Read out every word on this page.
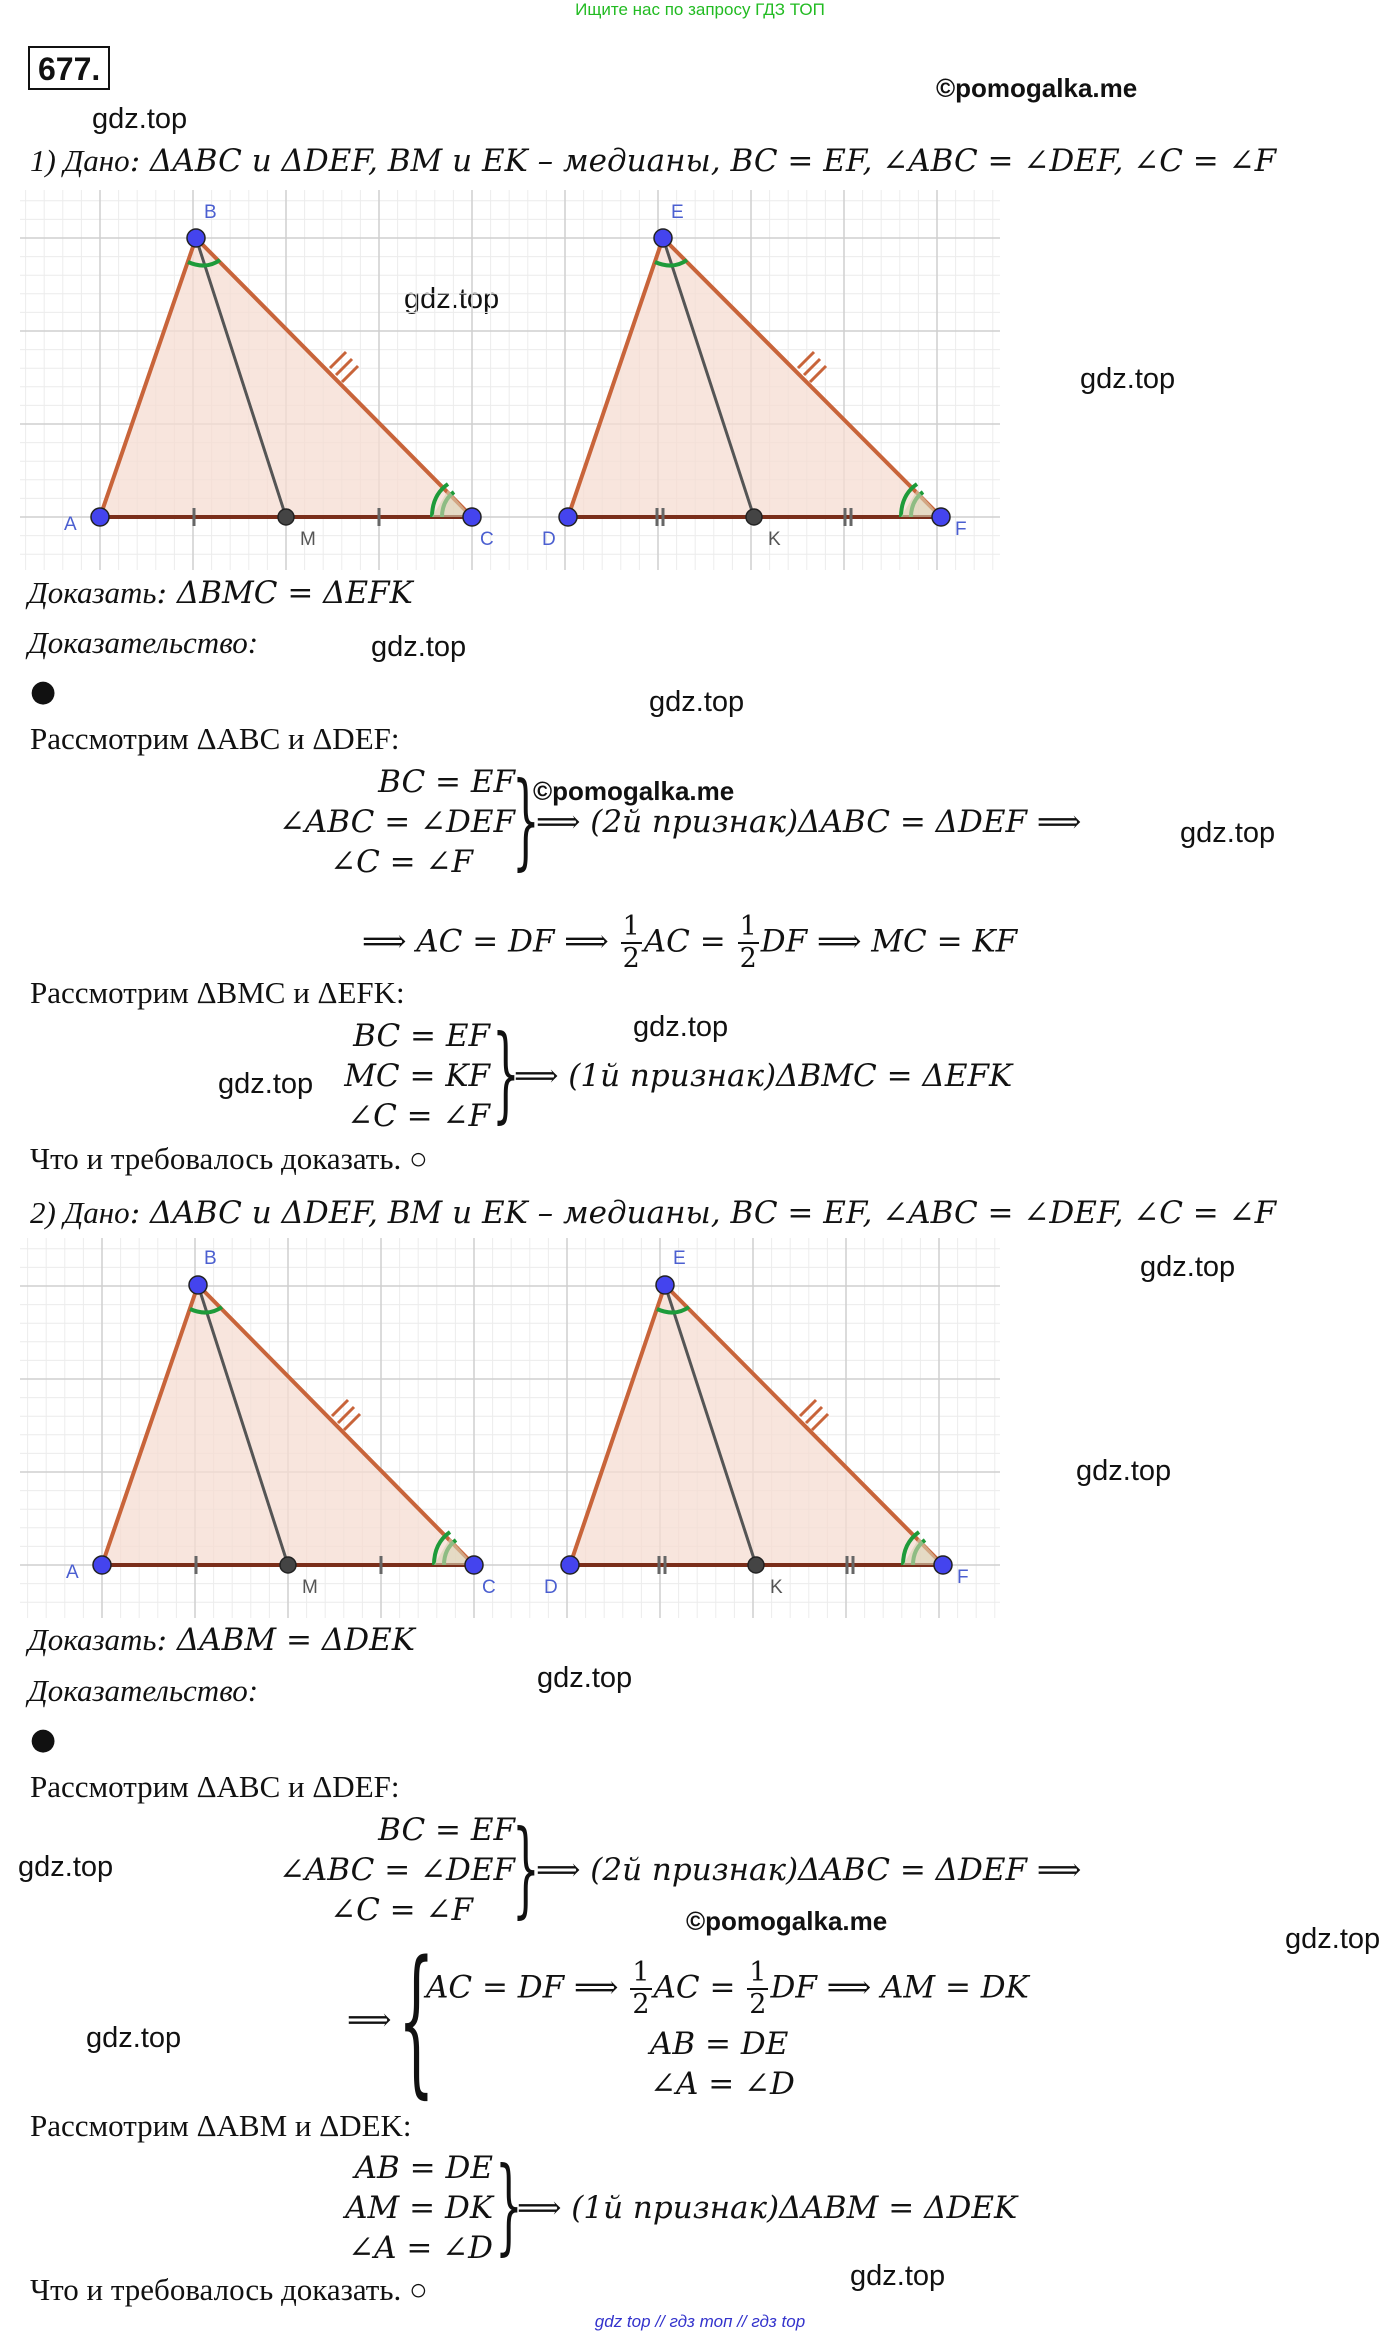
Ищите нас по запросу ГДЗ ТОП
677.
©pomogalka.me
gdz.top
gdz.top
gdz.top
gdz.top
gdz.top
©pomogalka.me
gdz.top
gdz.top
gdz.top
gdz.top
gdz.top
gdz.top
gdz.top
©pomogalka.me
gdz.top
gdz.top
gdz.top
1) Дано: ΔABC и ΔDEF, BM и EK – медианы, BC = EF, ∠ABC = ∠DEF, ∠C = ∠F
A
B
C
M	D
E
F
K
Доказать: ΔBMC = ΔEFK
Доказательство:
●
Рассмотрим ΔABC и ΔDEF:
BC = EF
∠ABC = ∠DEF
∠C = ∠F }
⟹ (2й признак)ΔABC = ΔDEF ⟹
⟹ AC = DF ⟹ $\frac{1}{2}$ AC = $\frac{1}{2}$ DF ⟹ MC = KF
Рассмотрим ΔBMC и ΔEFK:
BC = EF
MC = KF
∠C = ∠F }
⟹ (1й признак)ΔBMC = ΔEFK
Что и требовалось доказать. ○
2) Дано: ΔABC и ΔDEF, BM и EK – медианы, BC = EF, ∠ABC = ∠DEF, ∠C = ∠F
A
B
C
M	D
E
F
K
Доказать: ΔABM = ΔDEK
Доказательство:
●
Рассмотрим ΔABC и ΔDEF:
BC = EF
∠ABC = ∠DEF
∠C = ∠F }
⟹ (2й признак)ΔABC = ΔDEF ⟹
⟹ {
AC = DF ⟹ $\frac{1}{2}$ AC = $\frac{1}{2}$ DF ⟹ AM = DK
AB = DE
∠A = ∠D
Рассмотрим ΔABM и ΔDEK:
AB = DE
AM = DK
∠A = ∠D }
⟹ (1й признак)ΔABM = ΔDEK
Что и требовалось доказать. ○
gdz top // гдз топ // гдз top
